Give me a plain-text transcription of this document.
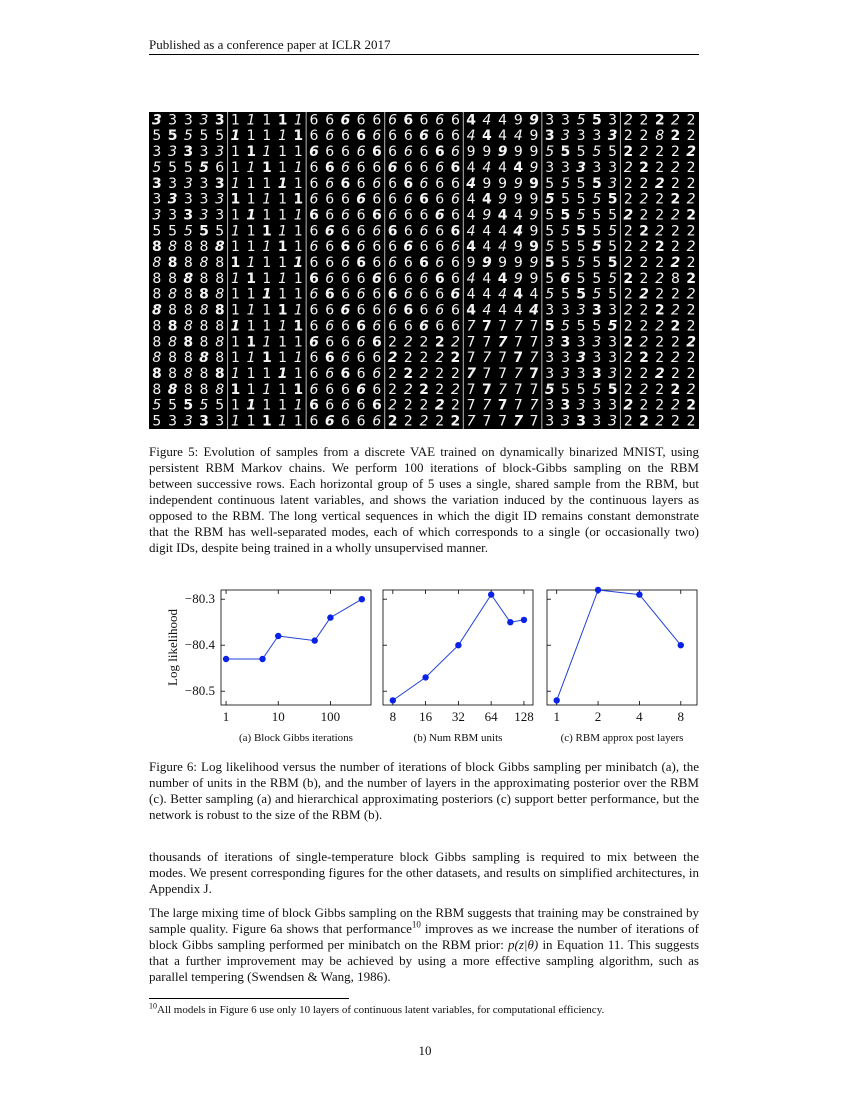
Published as a conference paper at ICLR 2017
3 3 3 3 3 1 1 1 1 1 6 6 6 6 6 6 6 6 6 6 4 4 4 9 9 3 3 5 5 3 2 2 2 2 2
5 5 5 5 5 1 1 1 1 1 6 6 6 6 6 6 6 6 6 6 4 4 4 4 9 3 3 3 3 3 2 2 8 2 2
3 3 3 3 3 1 1 1 1 1 6 6 6 6 6 6 6 6 6 6 9 9 9 9 9 5 5 5 5 5 2 2 2 2 2
5 5 5 5 6 1 1 1 1 1 6 6 6 6 6 6 6 6 6 6 4 4 4 4 9 3 3 3 3 3 2 2 2 2 2
3 3 3 3 3 1 1 1 1 1 6 6 6 6 6 6 6 6 6 6 4 9 9 9 9 5 5 5 5 3 2 2 2 2 2
3 3 3 3 3 1 1 1 1 1 6 6 6 6 6 6 6 6 6 6 4 4 9 9 9 5 5 5 5 5 2 2 2 2 2
3 3 3 3 3 1 1 1 1 1 6 6 6 6 6 6 6 6 6 6 4 9 4 4 9 5 5 5 5 5 2 2 2 2 2
5 5 5 5 5 1 1 1 1 1 6 6 6 6 6 6 6 6 6 6 4 4 4 4 9 5 5 5 5 5 2 2 2 2 2
8 8 8 8 8 1 1 1 1 1 6 6 6 6 6 6 6 6 6 6 4 4 4 9 9 5 5 5 5 5 2 2 2 2 2
8 8 8 8 8 1 1 1 1 1 6 6 6 6 6 6 6 6 6 6 9 9 9 9 9 5 5 5 5 5 2 2 2 2 2
8 8 8 8 8 1 1 1 1 1 6 6 6 6 6 6 6 6 6 6 4 4 4 9 9 5 6 5 5 5 2 2 2 8 2
8 8 8 8 8 1 1 1 1 1 6 6 6 6 6 6 6 6 6 6 4 4 4 4 4 5 5 5 5 5 2 2 2 2 2
8 8 8 8 8 1 1 1 1 1 6 6 6 6 6 6 6 6 6 6 4 4 4 4 4 3 3 3 3 3 2 2 2 2 2
8 8 8 8 8 1 1 1 1 1 6 6 6 6 6 6 6 6 6 6 7 7 7 7 7 5 5 5 5 5 2 2 2 2 2
8 8 8 8 8 1 1 1 1 1 6 6 6 6 6 2 2 2 2 2 7 7 7 7 7 3 3 3 3 3 2 2 2 2 2
8 8 8 8 8 1 1 1 1 1 6 6 6 6 6 2 2 2 2 2 7 7 7 7 7 3 3 3 3 3 2 2 2 2 2
8 8 8 8 8 1 1 1 1 1 6 6 6 6 6 2 2 2 2 2 7 7 7 7 7 3 3 3 3 3 2 2 2 2 2
8 8 8 8 8 1 1 1 1 1 6 6 6 6 6 2 2 2 2 2 7 7 7 7 7 5 5 5 5 5 2 2 2 2 2
5 5 5 5 5 1 1 1 1 1 6 6 6 6 6 2 2 2 2 2 7 7 7 7 7 3 3 3 3 3 2 2 2 2 2
5 3 3 3 3 1 1 1 1 1 6 6 6 6 6 2 2 2 2 2 7 7 7 7 7 3 3 3 3 3 2 2 2 2 2
Figure 5: Evolution of samples from a discrete VAE trained on dynamically binarized MNIST, using persistent RBM Markov chains. We perform 100 iterations of block-Gibbs sampling on the RBM between successive rows. Each horizontal group of 5 uses a single, shared sample from the RBM, but independent continuous latent variables, and shows the variation induced by the continuous layers as opposed to the RBM. The long vertical sequences in which the digit ID remains constant demonstrate that the RBM has well-separated modes, each of which corresponds to a single (or occasionally two) digit IDs, despite being trained in a wholly unsupervised manner.
Log likelihood
1	10	100
−80.5
−80.4
−80.3
(a) Block Gibbs iterations
8 16 32 64 128
(b) Num RBM units
1	2	4	8
(c) RBM approx post layers
Figure 6: Log likelihood versus the number of iterations of block Gibbs sampling per minibatch (a), the number of units in the RBM (b), and the number of layers in the approximating posterior over the RBM (c). Better sampling (a) and hierarchical approximating posteriors (c) support better performance, but the network is robust to the size of the RBM (b).
thousands of iterations of single-temperature block Gibbs sampling is required to mix between the modes. We present corresponding figures for the other datasets, and results on simplified architectures, in Appendix J.
The large mixing time of block Gibbs sampling on the RBM suggests that training may be constrained by sample quality. Figure 6a shows that performance$^{10}$ improves as we increase the number of iterations of block Gibbs sampling performed per minibatch on the RBM prior: p(z|θ) in Equation 11. This suggests that a further improvement may be achieved by using a more effective sampling algorithm, such as parallel tempering (Swendsen & Wang, 1986).
$^{10}$All models in Figure 6 use only 10 layers of continuous latent variables, for computational efficiency.
10
